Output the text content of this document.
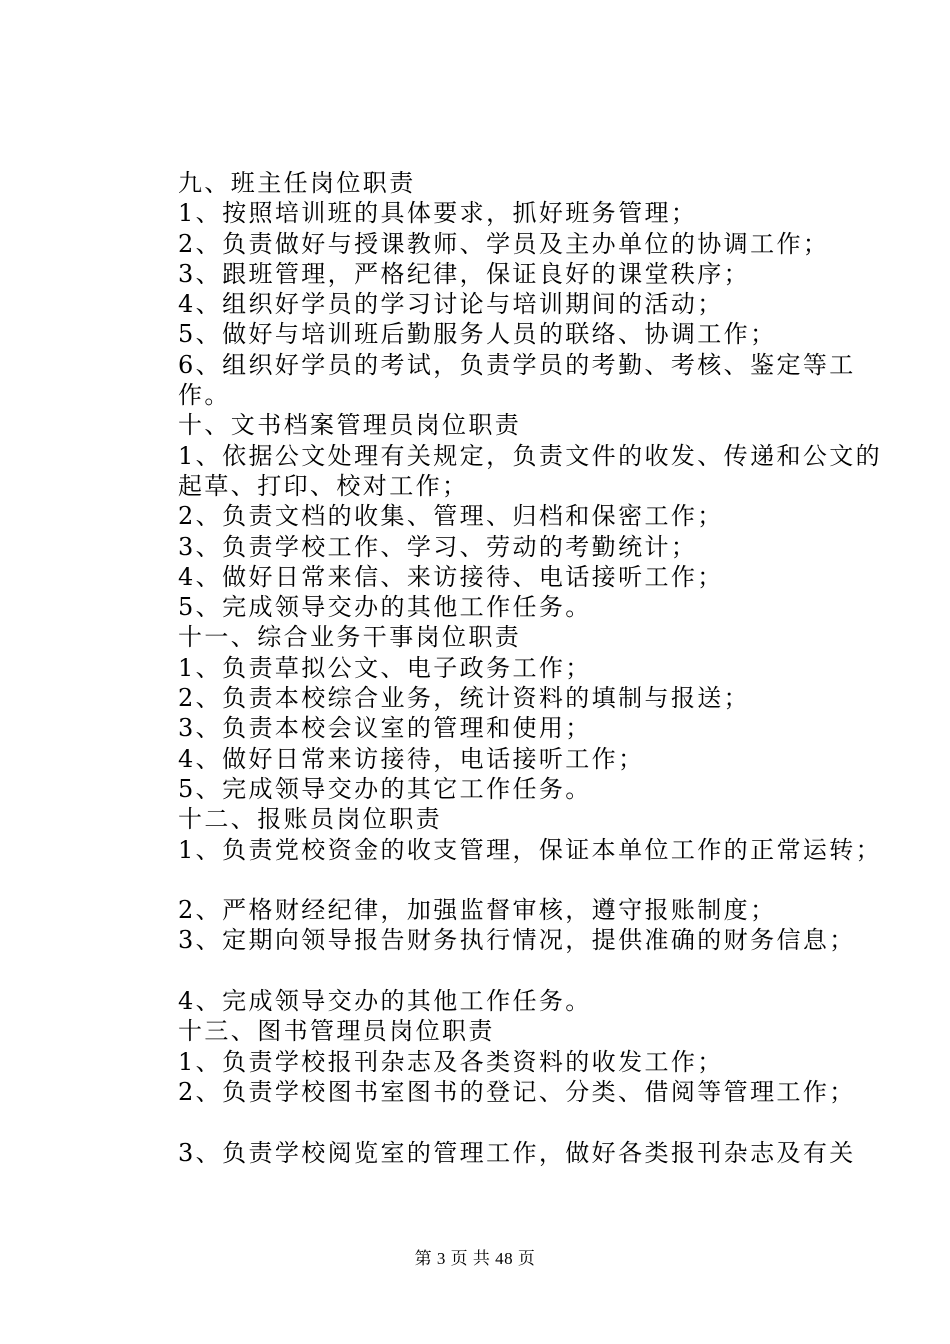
九、班主任岗位职责
1、按照培训班的具体要求，抓好班务管理；
2、负责做好与授课教师、学员及主办单位的协调工作；
3、跟班管理，严格纪律，保证良好的课堂秩序；
4、组织好学员的学习讨论与培训期间的活动；
5、做好与培训班后勤服务人员的联络、协调工作；
6、组织好学员的考试，负责学员的考勤、考核、鉴定等工作。
十、文书档案管理员岗位职责
1、依据公文处理有关规定，负责文件的收发、传递和公文的起草、打印、校对工作；
2、负责文档的收集、管理、归档和保密工作；
3、负责学校工作、学习、劳动的考勤统计；
4、做好日常来信、来访接待、电话接听工作；
5、完成领导交办的其他工作任务。
十一、综合业务干事岗位职责
1、负责草拟公文、电子政务工作；
2、负责本校综合业务，统计资料的填制与报送；
3、负责本校会议室的管理和使用；
4、做好日常来访接待，电话接听工作；
5、完成领导交办的其它工作任务。
十二、报账员岗位职责
1、负责党校资金的收支管理，保证本单位工作的正常运转；
2、严格财经纪律，加强监督审核，遵守报账制度；
3、定期向领导报告财务执行情况，提供准确的财务信息；
4、完成领导交办的其他工作任务。
十三、图书管理员岗位职责
1、负责学校报刊杂志及各类资料的收发工作；
2、负责学校图书室图书的登记、分类、借阅等管理工作；
3、负责学校阅览室的管理工作，做好各类报刊杂志及有关
第 3 页 共 48 页
